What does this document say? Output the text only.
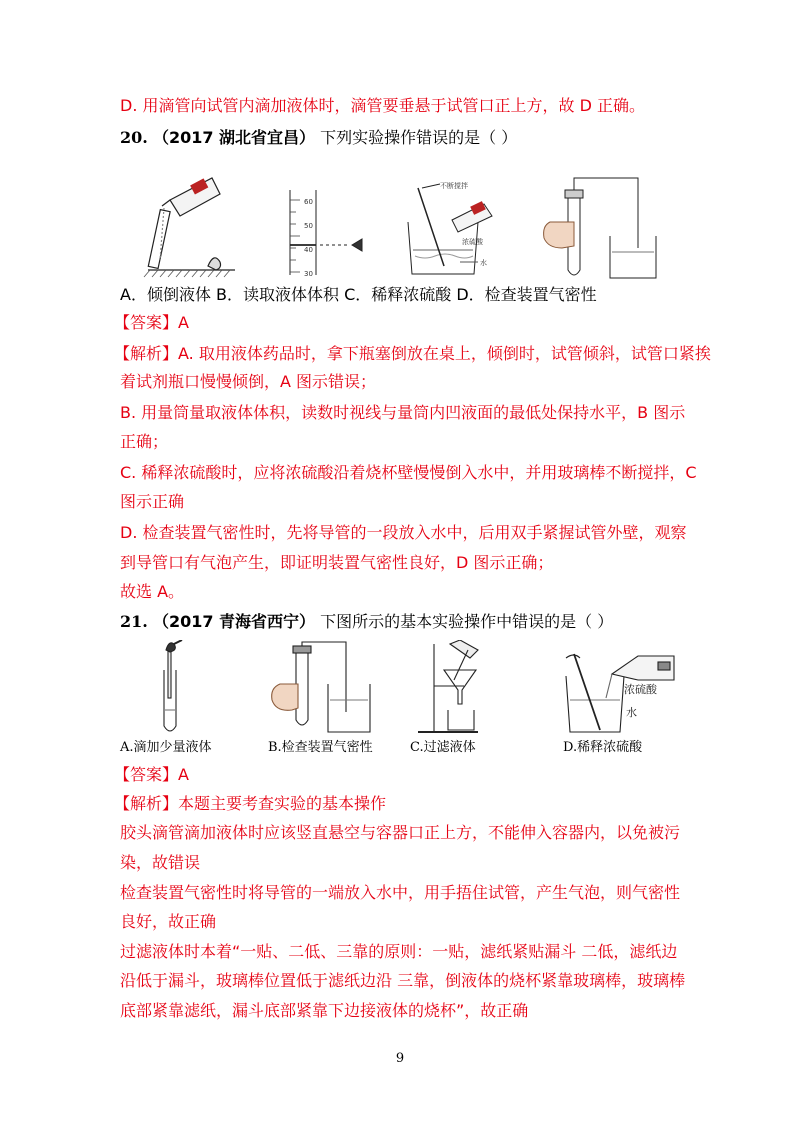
D. 用滴管向试管内滴加液体时，滴管要垂悬于试管口正上方，故 D 正确。
20. （2017 湖北省宜昌） 下列实验操作错误的是（ ）
60
50
40
30
不断搅拌
浓硫酸
水
A．倾倒液体 B．读取液体体积 C．稀释浓硫酸 D．检查装置气密性
【答案】A
【解析】A. 取用液体药品时，拿下瓶塞倒放在桌上，倾倒时，试管倾斜，试管口紧挨
着试剂瓶口慢慢倾倒，A 图示错误；
B. 用量筒量取液体体积，读数时视线与量筒内凹液面的最低处保持水平，B 图示
正确；
C. 稀释浓硫酸时，应将浓硫酸沿着烧杯壁慢慢倒入水中，并用玻璃棒不断搅拌，C
图示正确
D. 检查装置气密性时，先将导管的一段放入水中，后用双手紧握试管外壁，观察
到导管口有气泡产生，即证明装置气密性良好，D 图示正确；
故选 A。
21. （2017 青海省西宁） 下图所示的基本实验操作中错误的是（ ）
浓硫酸
水
A.滴加少量液体	B.检查装置气密性	C.过滤液体	D.稀释浓硫酸
【答案】A
【解析】本题主要考查实验的基本操作
胶头滴管滴加液体时应该竖直悬空与容器口正上方，不能伸入容器内，以免被污
染，故错误
检查装置气密性时将导管的一端放入水中，用手捂住试管，产生气泡，则气密性
良好，故正确
过滤液体时本着“一贴、二低、三靠的原则：一贴，滤纸紧贴漏斗 二低，滤纸边
沿低于漏斗，玻璃棒位置低于滤纸边沿 三靠，倒液体的烧杯紧靠玻璃棒，玻璃棒
底部紧靠滤纸，漏斗底部紧靠下边接液体的烧杯”，故正确
9
